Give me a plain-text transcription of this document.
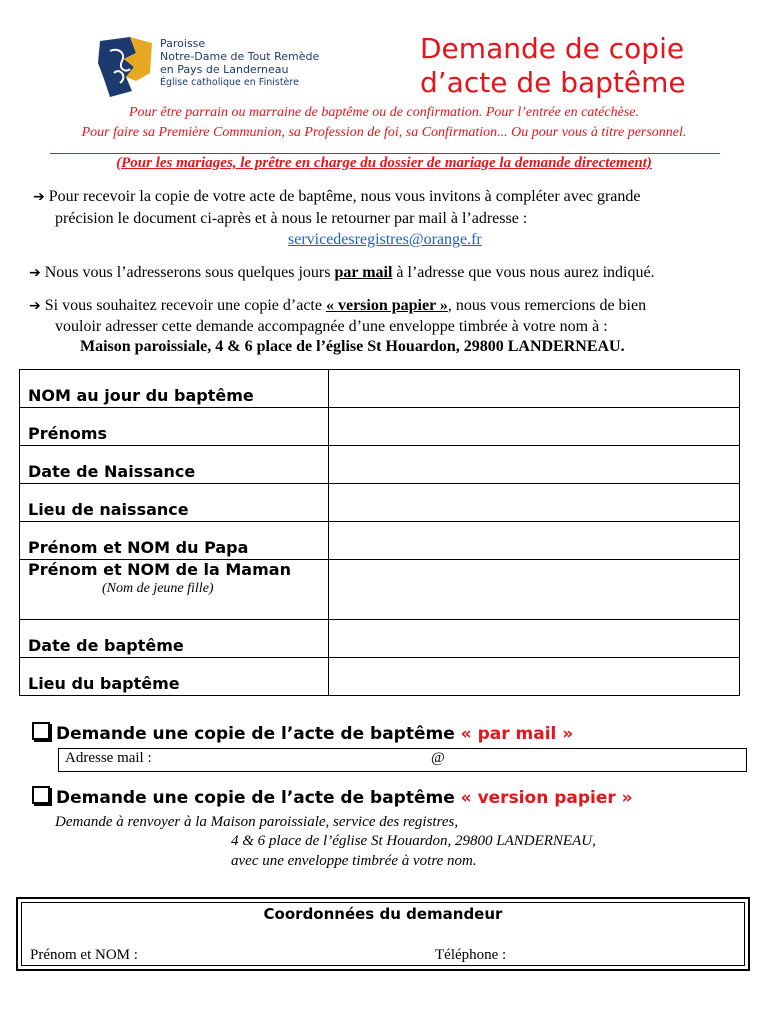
Paroisse
Notre-Dame de Tout Remède
en Pays de Landerneau
Église catholique en Finistère
Demande de copie
d’acte de baptême
Pour être parrain ou marraine de baptême ou de confirmation. Pour l’entrée en catéchèse.
Pour faire sa Première Communion, sa Profession de foi, sa Confirmation... Ou pour vous à titre personnel.
(Pour les mariages, le prêtre en charge du dossier de mariage la demande directement)
➔ Pour recevoir la copie de votre acte de baptême, nous vous invitons à compléter avec grande
précision le document ci-après et à nous le retourner par mail à l’adresse :
servicedesregistres@orange.fr
➔ Nous vous l’adresserons sous quelques jours par mail à l’adresse que vous nous aurez indiqué.
➔ Si vous souhaitez recevoir une copie d’acte « version papier », nous vous remercions de bien
vouloir adresser cette demande accompagnée d’une enveloppe timbrée à votre nom à :
Maison paroissiale, 4 & 6 place de l’église St Houardon, 29800 LANDERNEAU.
NOM au jour du baptême	
Prénoms	
Date de Naissance	
Lieu de naissance	
Prénom et NOM du Papa	
Prénom et NOM de la Maman
(Nom de jeune fille)	

Date de baptême	
Lieu du baptême	
Demande une copie de l’acte de baptême « par mail »
Adresse mail :	@
Demande une copie de l’acte de baptême « version papier »
Demande à renvoyer à la Maison paroissiale, service des registres,
4 & 6 place de l’église St Houardon, 29800 LANDERNEAU,
avec une enveloppe timbrée à votre nom.
Coordonnées du demandeur
Prénom et NOM :	Téléphone :
